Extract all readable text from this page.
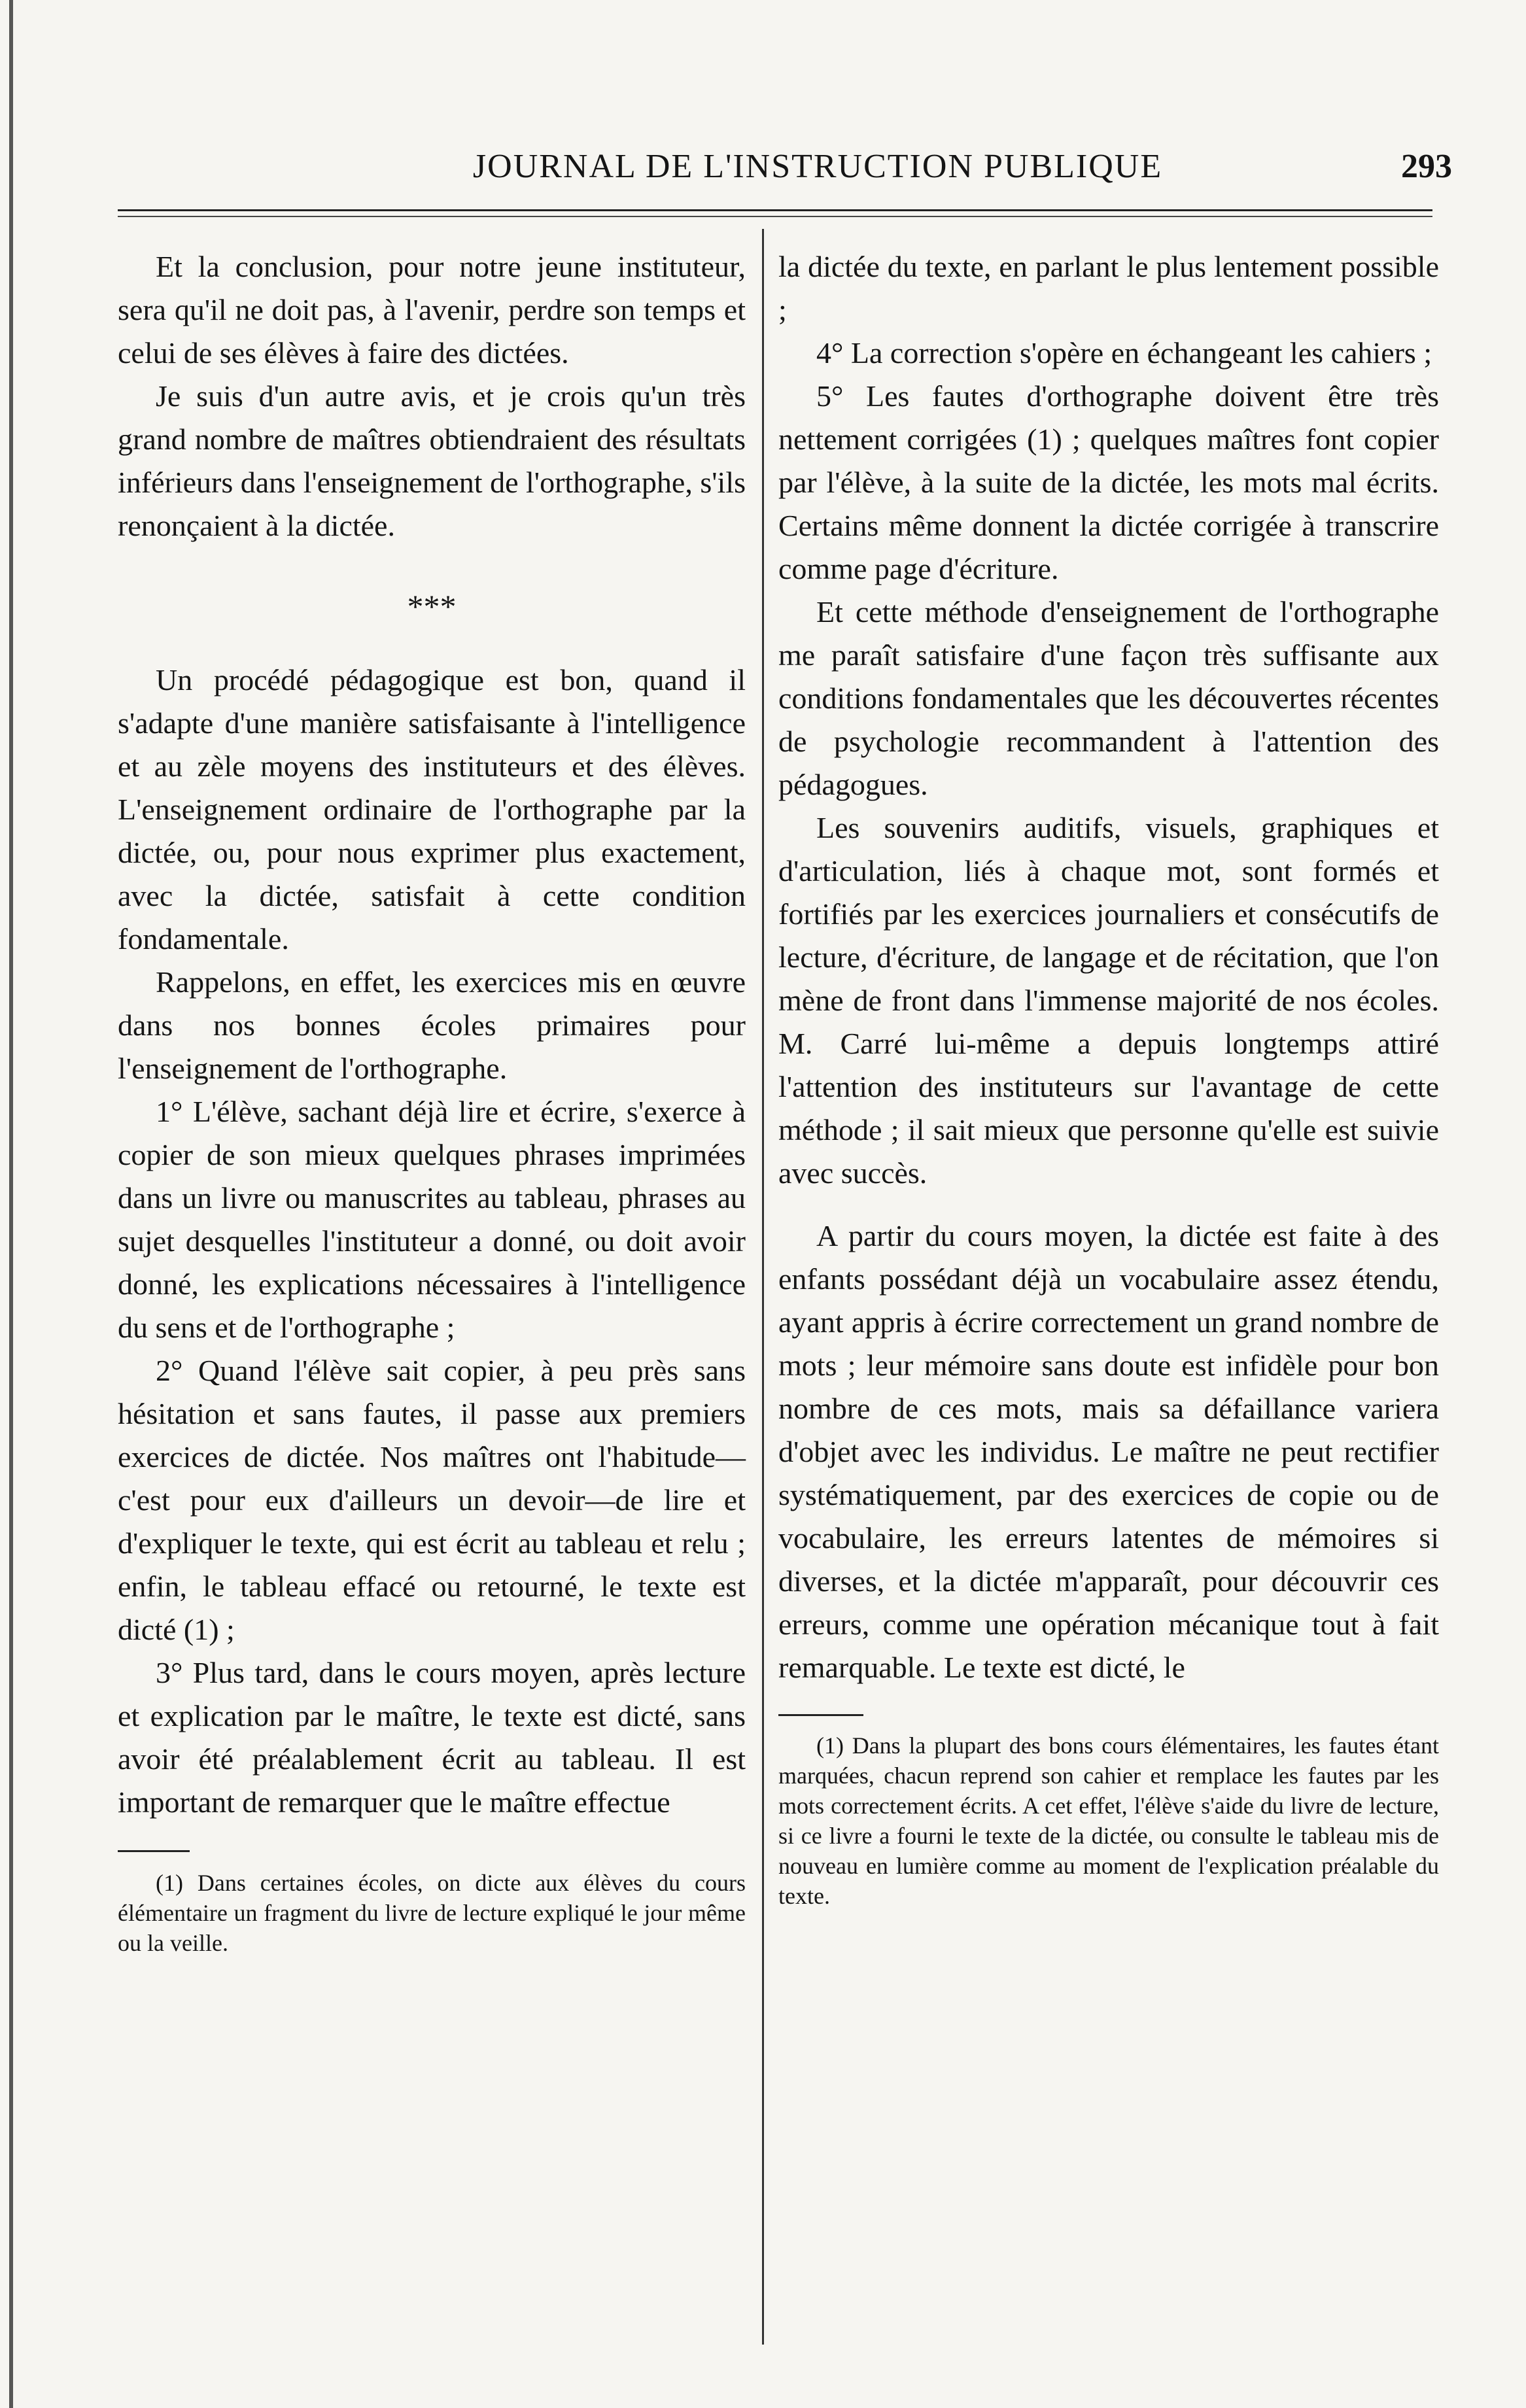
JOURNAL DE L'INSTRUCTION PUBLIQUE	293

Et la conclusion, pour notre jeune instituteur, sera qu'il ne doit pas, à l'avenir, perdre son temps et celui de ses élèves à faire des dictées.

Je suis d'un autre avis, et je crois qu'un très grand nombre de maîtres obtiendraient des résultats inférieurs dans l'enseignement de l'orthographe, s'ils renonçaient à la dictée.

***

Un procédé pédagogique est bon, quand il s'adapte d'une manière satisfaisante à l'intelligence et au zèle moyens des instituteurs et des élèves. L'enseignement ordinaire de l'orthographe par la dictée, ou, pour nous exprimer plus exactement, avec la dictée, satisfait à cette condition fondamentale.

Rappelons, en effet, les exercices mis en œuvre dans nos bonnes écoles primaires pour l'enseignement de l'orthographe.

1° L'élève, sachant déjà lire et écrire, s'exerce à copier de son mieux quelques phrases imprimées dans un livre ou manuscrites au tableau, phrases au sujet desquelles l'instituteur a donné, ou doit avoir donné, les explications nécessaires à l'intelligence du sens et de l'orthographe ;

2° Quand l'élève sait copier, à peu près sans hésitation et sans fautes, il passe aux premiers exercices de dictée. Nos maîtres ont l'habitude—c'est pour eux d'ailleurs un devoir—de lire et d'expliquer le texte, qui est écrit au tableau et relu ; enfin, le tableau effacé ou retourné, le texte est dicté (1) ;

3° Plus tard, dans le cours moyen, après lecture et explication par le maître, le texte est dicté, sans avoir été préalablement écrit au tableau. Il est important de remarquer que le maître effectue

(1) Dans certaines écoles, on dicte aux élèves du cours élémentaire un fragment du livre de lecture expliqué le jour même ou la veille.

la dictée du texte, en parlant le plus lentement possible ;

4° La correction s'opère en échangeant les cahiers ;

5° Les fautes d'orthographe doivent être très nettement corrigées (1) ; quelques maîtres font copier par l'élève, à la suite de la dictée, les mots mal écrits. Certains même donnent la dictée corrigée à transcrire comme page d'écriture.

Et cette méthode d'enseignement de l'orthographe me paraît satisfaire d'une façon très suffisante aux conditions fondamentales que les découvertes récentes de psychologie recommandent à l'attention des pédagogues.

Les souvenirs auditifs, visuels, graphiques et d'articulation, liés à chaque mot, sont formés et fortifiés par les exercices journaliers et consécutifs de lecture, d'écriture, de langage et de récitation, que l'on mène de front dans l'immense majorité de nos écoles. M. Carré lui-même a depuis longtemps attiré l'attention des instituteurs sur l'avantage de cette méthode ; il sait mieux que personne qu'elle est suivie avec succès.

A partir du cours moyen, la dictée est faite à des enfants possédant déjà un vocabulaire assez étendu, ayant appris à écrire correctement un grand nombre de mots ; leur mémoire sans doute est infidèle pour bon nombre de ces mots, mais sa défaillance variera d'objet avec les individus. Le maître ne peut rectifier systématiquement, par des exercices de copie ou de vocabulaire, les erreurs latentes de mémoires si diverses, et la dictée m'apparaît, pour découvrir ces erreurs, comme une opération mécanique tout à fait remarquable. Le texte est dicté, le

(1) Dans la plupart des bons cours élémentaires, les fautes étant marquées, chacun reprend son cahier et remplace les fautes par les mots correctement écrits. A cet effet, l'élève s'aide du livre de lecture, si ce livre a fourni le texte de la dictée, ou consulte le tableau mis de nouveau en lumière comme au moment de l'explication préalable du texte.
